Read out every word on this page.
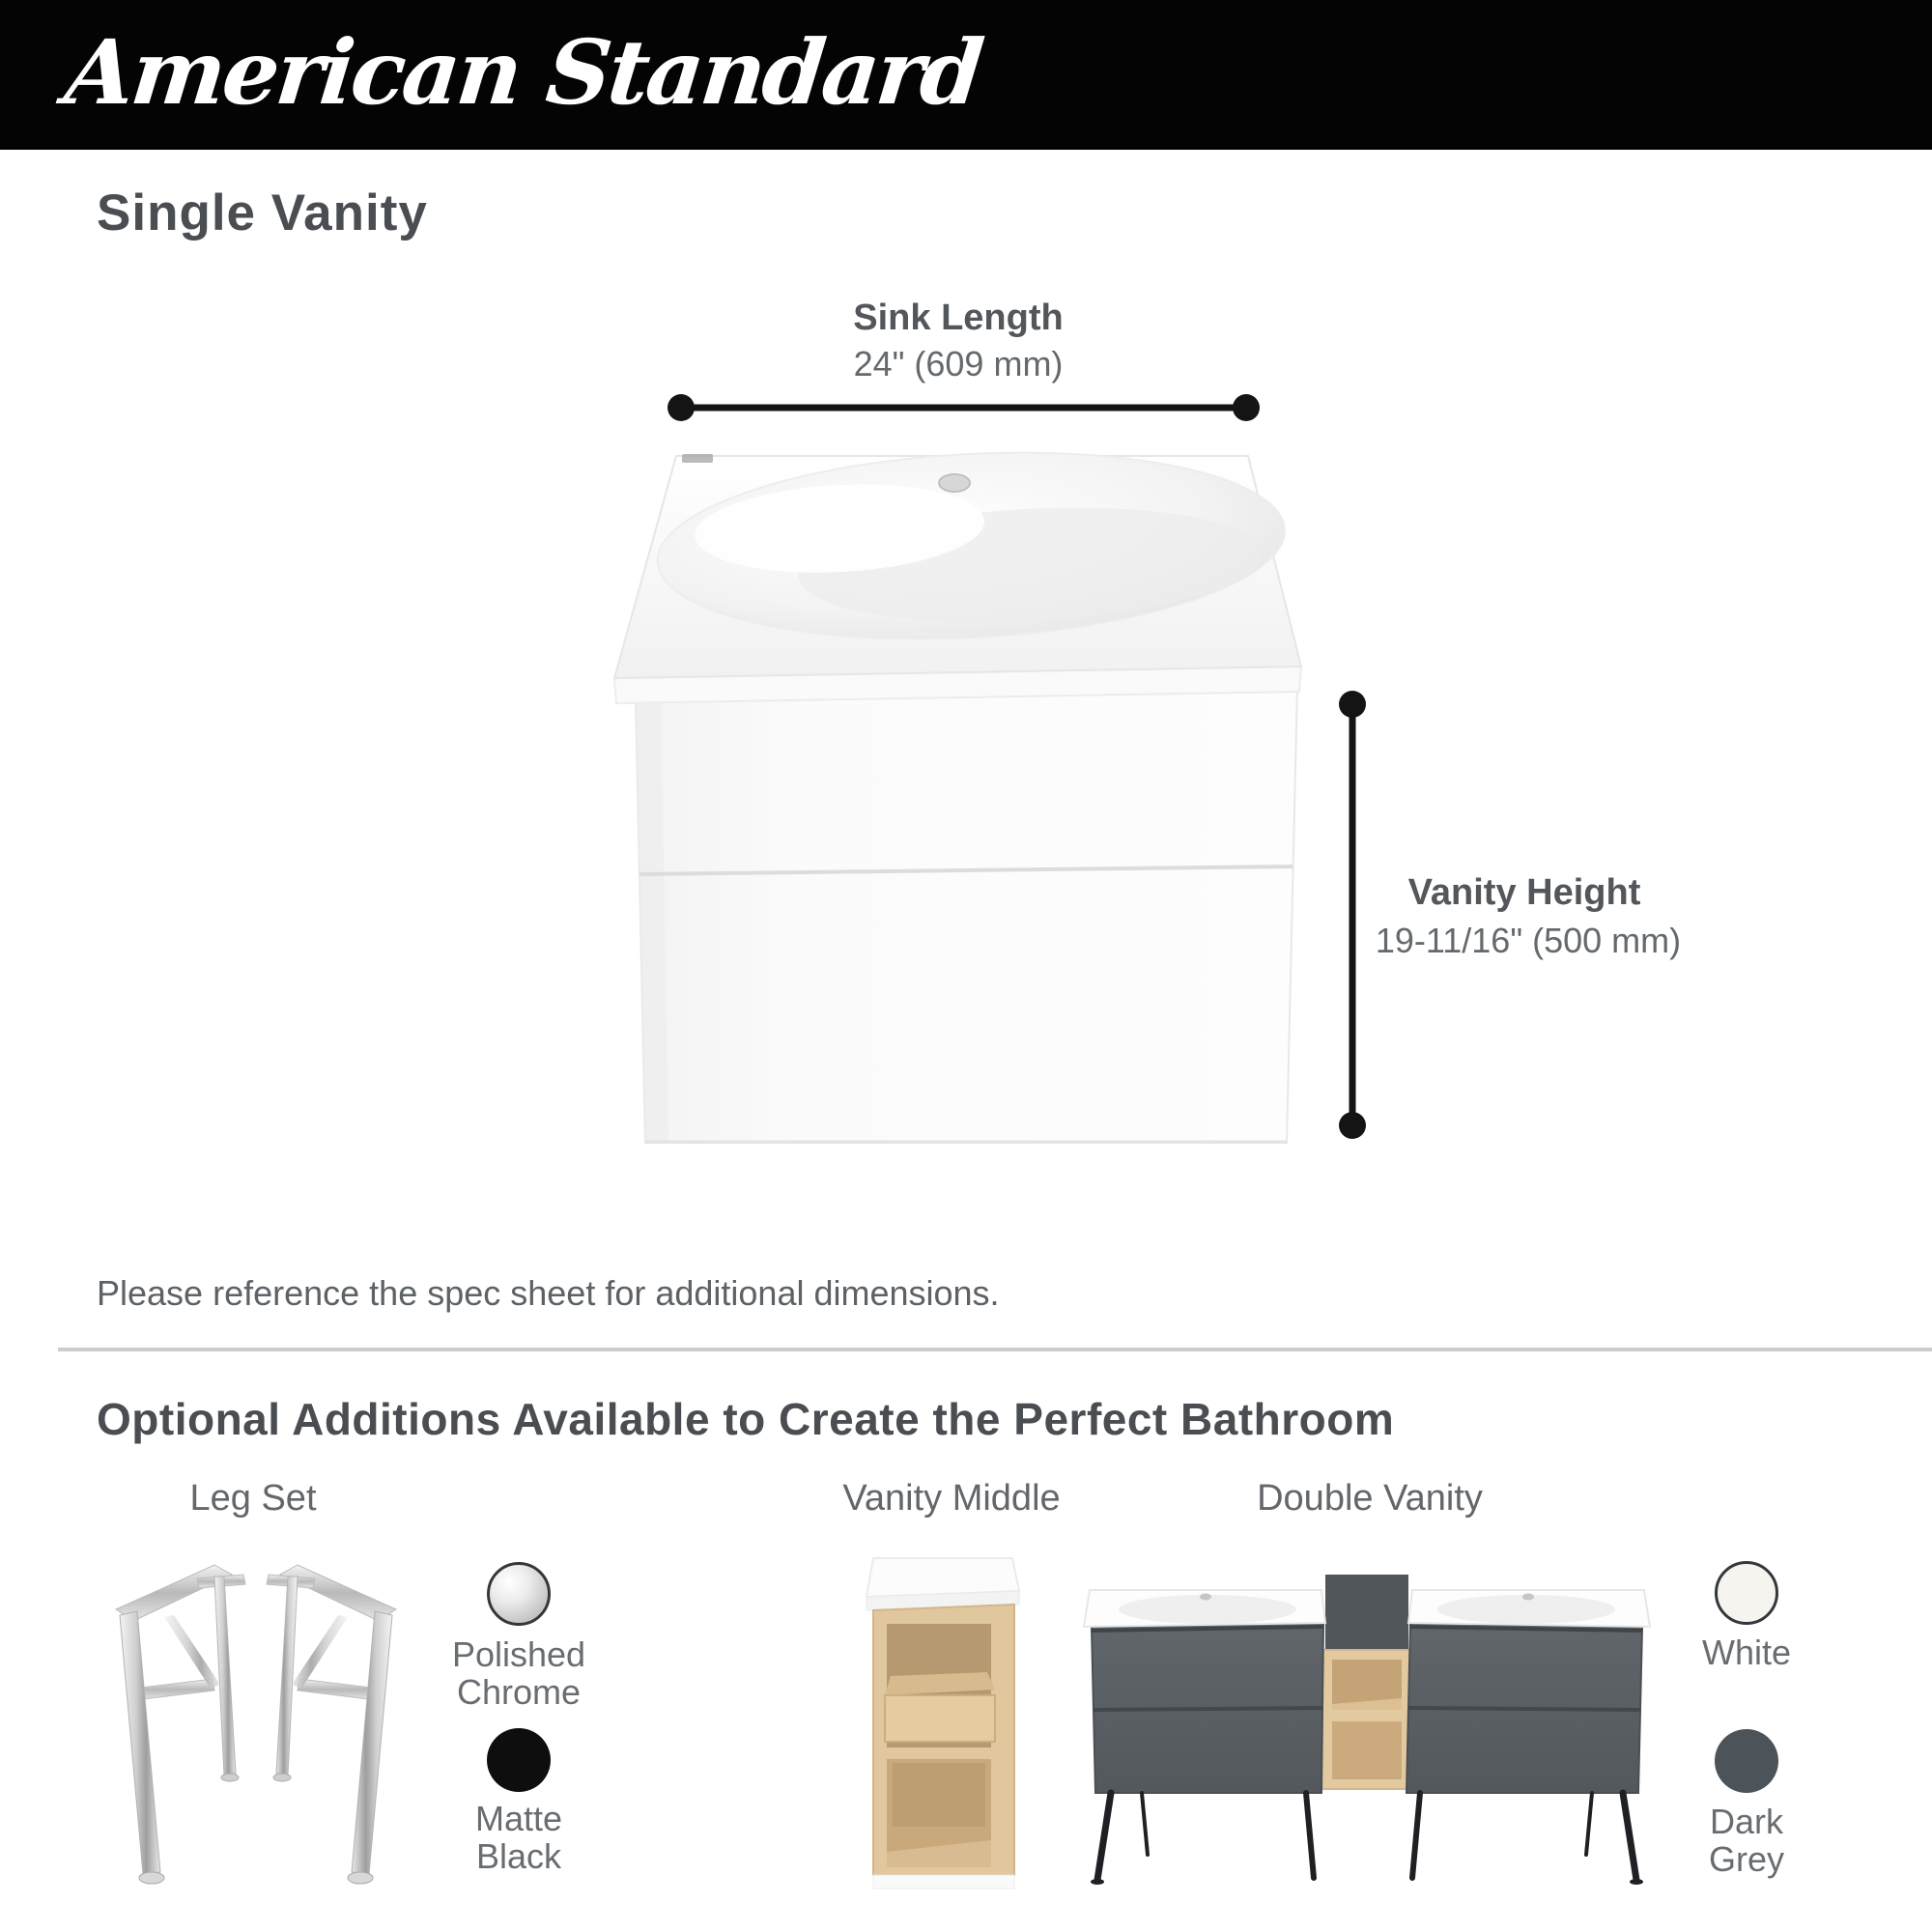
American Standard
Single Vanity
Sink Length
24" (609 mm)
Vanity Height
19-11/16" (500 mm)
Please reference the spec sheet for additional dimensions.
Optional Additions Available to Create the Perfect Bathroom
Leg Set	Vanity Middle	Double Vanity
Polished
Chrome
Matte
Black
White
Dark
Grey
